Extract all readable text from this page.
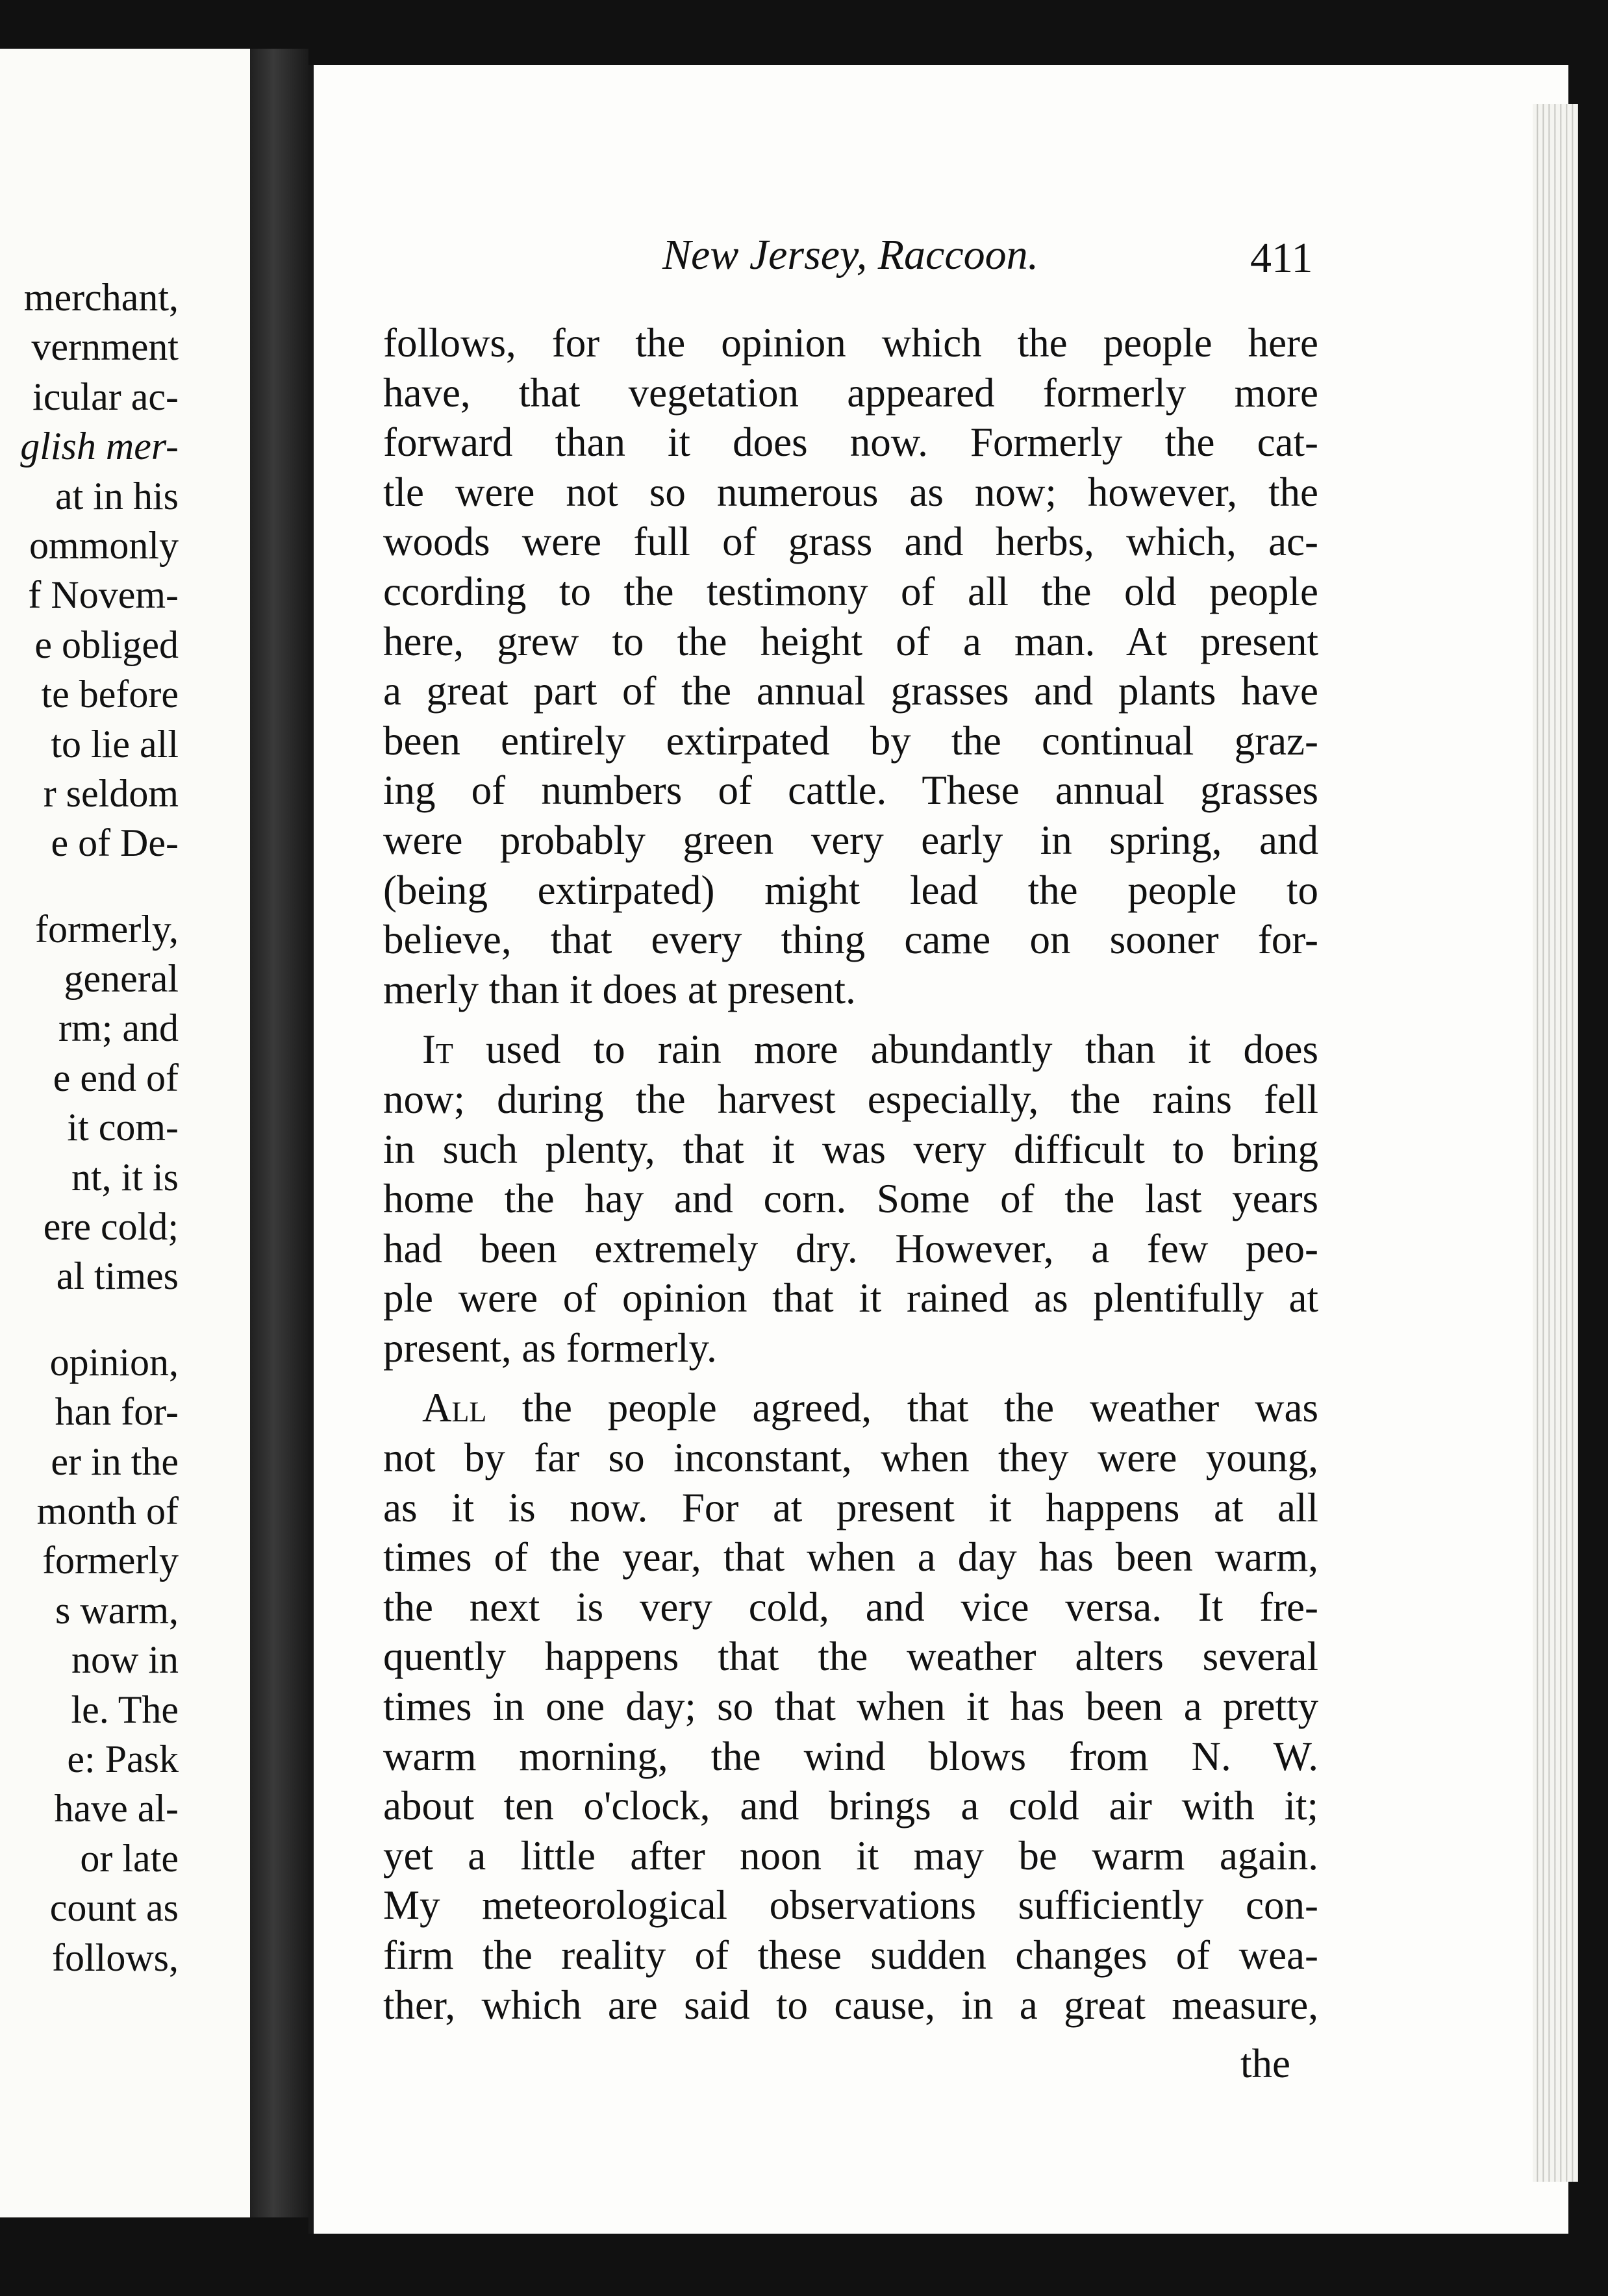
merchant,
vernment
icular ac-
glish mer-
at in his
ommonly
f Novem-
e obliged
te before
to lie all
r seldom
e of De-
formerly,
general
rm; and
e end of
it com-
nt, it is
ere cold;
al times
opinion,
han for-
er in the
month of
formerly
s warm,
now in
le. The
e: Pask
have al-
or late
count as
follows,
New Jersey, Raccoon.	411
follows, for the opinion which the people here
have, that vegetation appeared formerly more
forward than it does now. Formerly the cat-
tle were not so numerous as now; however, the
woods were full of grass and herbs, which, ac-
ccording to the testimony of all the old people
here, grew to the height of a man. At present
a great part of the annual grasses and plants have
been entirely extirpated by the continual graz-
ing of numbers of cattle. These annual grasses
were probably green very early in spring, and
(being extirpated) might lead the people to
believe, that every thing came on sooner for-
merly than it does at present.
It used to rain more abundantly than it does
now; during the harvest especially, the rains fell
in such plenty, that it was very difficult to bring
home the hay and corn. Some of the last years
had been extremely dry. However, a few peo-
ple were of opinion that it rained as plentifully at
present, as formerly.
All the people agreed, that the weather was
not by far so inconstant, when they were young,
as it is now. For at present it happens at all
times of the year, that when a day has been warm,
the next is very cold, and vice versa. It fre-
quently happens that the weather alters several
times in one day; so that when it has been a pretty
warm morning, the wind blows from N. W.
about ten o'clock, and brings a cold air with it;
yet a little after noon it may be warm again.
My meteorological observations sufficiently con-
firm the reality of these sudden changes of wea-
ther, which are said to cause, in a great measure,
the
